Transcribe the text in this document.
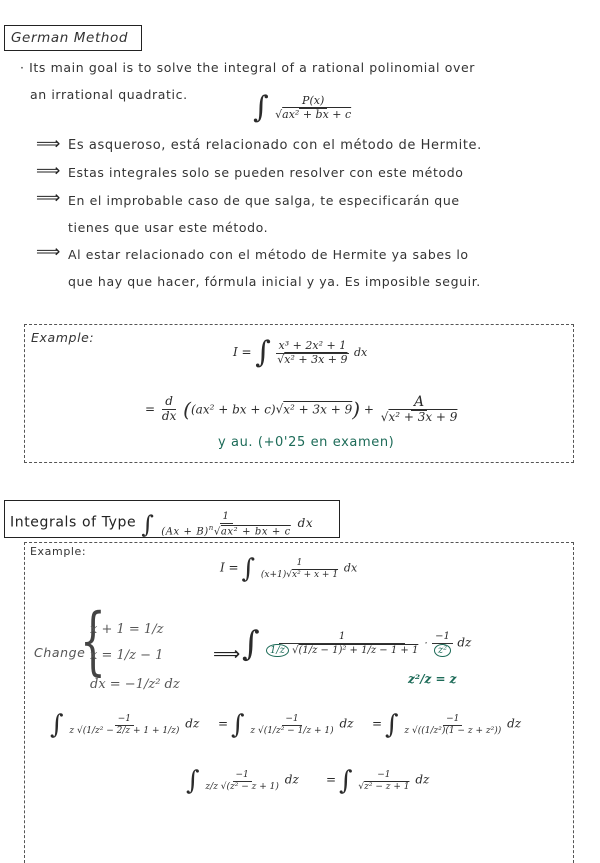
German Method
· Its main goal is to solve the integral of a rational polinomial over
an irrational quadratic. ∫ $\frac{P(x)}{\text{√ax² + bx + c}}$
⟹ Es asqueroso, está relacionado con el método de Hermite.
⟹ Estas integrales solo se pueden resolver con este método
⟹ En el improbable caso de que salga, te especificarán que
tienes que usar este método.
⟹ Al estar relacionado con el método de Hermite ya sabes lo
que hay que hacer, fórmula inicial y ya. Es imposible seguir.
Example:
I = ∫ $\frac{\text{x³ + 2x² + 1}}{\text{√x² + 3x + 9}}$ dx
= $\frac{d}{dx} ((ax^2$ + bx + $c)√x^2 + 3x + 9) + \frac{A}{\text{√x² + 3x + 9}}$
y au. (+0'25 en examen)
Integrals of Type ∫ $\frac{1}{(Ax + B)^n√ax^2 + bx + c}$ dx
Example:
I = ∫ $\frac{1}{\text{(x+1)√x² + x + 1}}$ dx
Change
{
x + 1 = 1/z
x = 1/z − 1
dx = −1/z² dz
⟹ ∫ $\frac{1}{\text{1/z √(1/z − 1)² + 1/z − 1 + 1}} \cdot \frac{-1}{\text{z²}}$ dz
z²/z = z
∫ $\frac{-1}{\text{z √(1/z² − 2/z + 1 + 1/z)}}$ dz = ∫ $\frac{-1}{\text{z √(1/z² − 1/z + 1)}}$ dz = ∫ $\frac{-1}{\text{z √((1/z²)(1 − z + z²))}}$ dz
∫ $\frac{-1}{\text{z/z √(z² − z + 1)}}$ dz = ∫ $\frac{-1}{\text{√z² − z + 1}}$ dz
